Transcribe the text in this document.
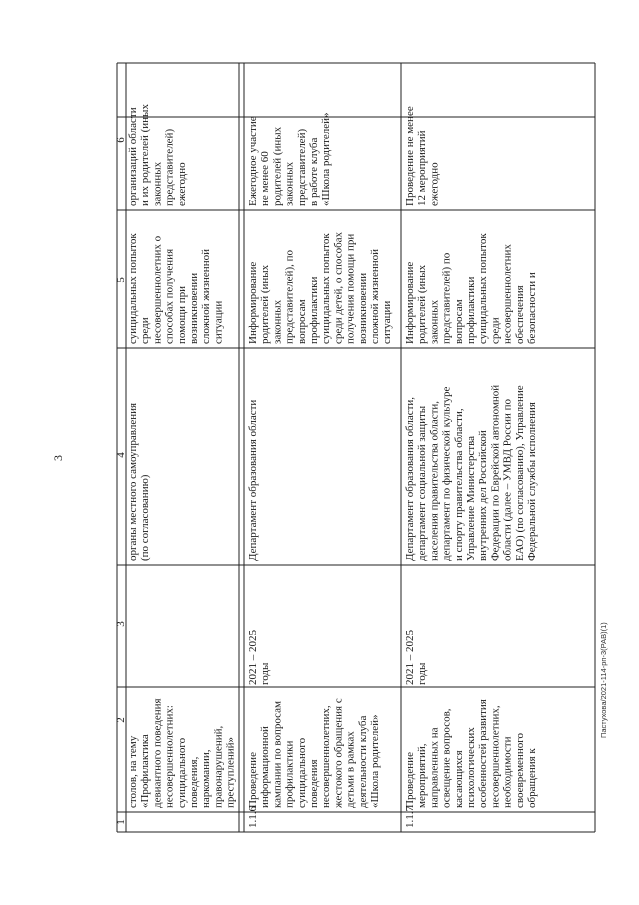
3
Пастухова/2021-114-рп-3(РАВ)(1)
1
2
3
4
5
6
столов, на тему «Профилактика девиантного поведения несовершеннолетних: суицидального поведения, наркомании, правонарушений, преступлений»
органы местного самоуправления (по согласованию)
суицидальных попыток среди несовершеннолетних о способах получения помощи при возникновении сложной жизненной ситуации
организаций области и их родителей (иных законных представителей) ежегодно
1.1.6
Проведение информационной кампании по вопросам профилактики суицидального поведения несовершеннолетних, жестокого обращения с детьми в рамках деятельности клуба «Школа родителей»
2021 – 2025 годы
Департамент образования области
Информирование родителей (иных законных представителей), по вопросам профилактики суицидальных попыток среди детей, о способах получения помощи при возникновении сложной жизненной ситуации
Ежегодное участие не менее 60 родителей (иных законных представителей) в работе клуба «Школа родителей»
1.1.7
Проведение мероприятий, направленных на освещение вопросов, касающихся психологических особенностей развития несовершеннолетних, необходимости своевременного обращения к
2021 – 2025 годы
Департамент образования области, департамент социальной защиты населения правительства области, департамент по физической культуре и спорту правительства области, Управление Министерства внутренних дел Российской Федерации по Еврейской автономной области (далее – УМВД России по ЕАО) (по согласованию), Управление Федеральной службы исполнения
Информирование родителей (иных законных представителей) по вопросам профилактики суицидальных попыток среди несовершеннолетних обеспечения безопасности и
Проведение не менее 12 мероприятий ежегодно
